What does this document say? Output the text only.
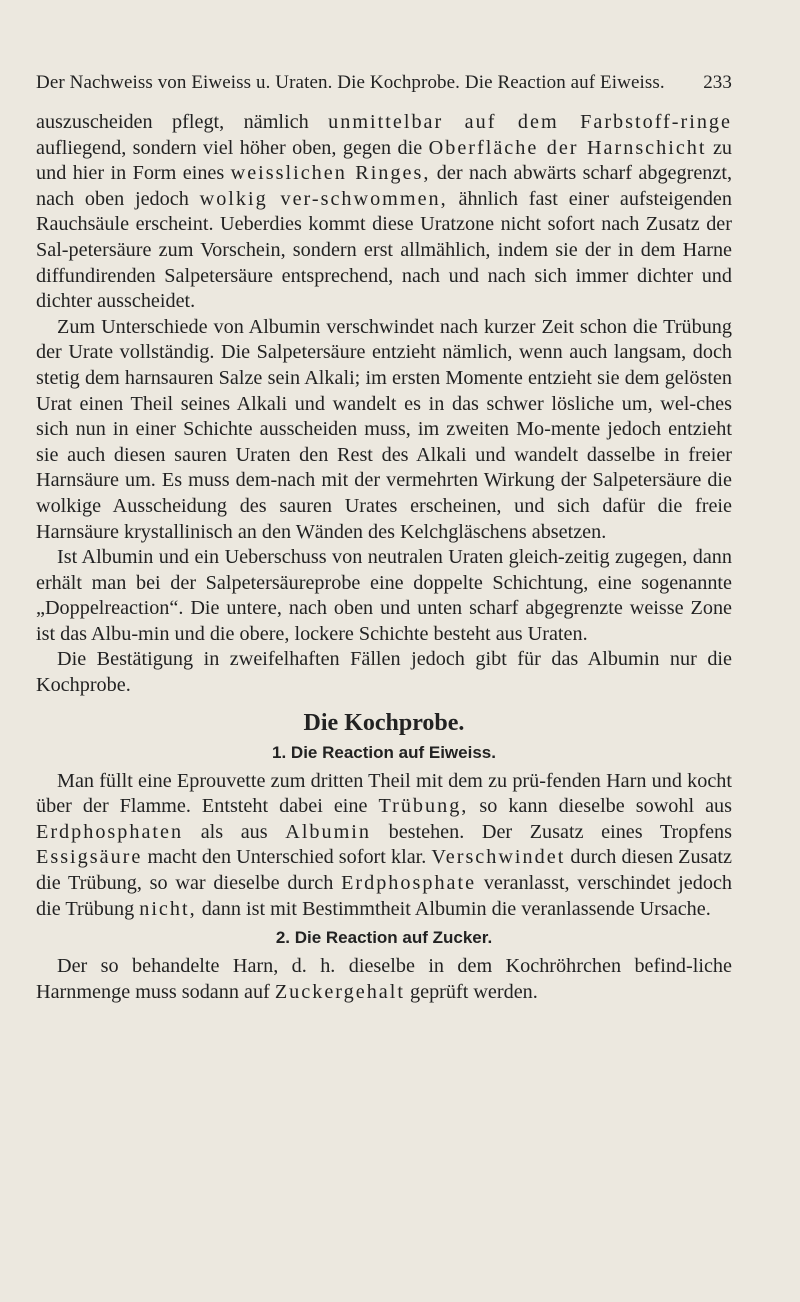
Der Nachweiss von Eiweiss u. Uraten. Die Kochprobe. Die Reaction auf Eiweiss.	233

auszuscheiden pflegt, nämlich unmittelbar auf dem Farbstoff-ringe aufliegend, sondern viel höher oben, gegen die Oberfläche der Harnschicht zu und hier in Form eines weisslichen Ringes, der nach abwärts scharf abgegrenzt, nach oben jedoch wolkig ver-schwommen, ähnlich fast einer aufsteigenden Rauchsäule erscheint. Ueberdies kommt diese Uratzone nicht sofort nach Zusatz der Sal-petersäure zum Vorschein, sondern erst allmählich, indem sie der in dem Harne diffundirenden Salpetersäure entsprechend, nach und nach sich immer dichter und dichter ausscheidet.

Zum Unterschiede von Albumin verschwindet nach kurzer Zeit schon die Trübung der Urate vollständig. Die Salpetersäure entzieht nämlich, wenn auch langsam, doch stetig dem harnsauren Salze sein Alkali; im ersten Momente entzieht sie dem gelösten Urat einen Theil seines Alkali und wandelt es in das schwer lösliche um, wel-ches sich nun in einer Schichte ausscheiden muss, im zweiten Mo-mente jedoch entzieht sie auch diesen sauren Uraten den Rest des Alkali und wandelt dasselbe in freier Harnsäure um. Es muss dem-nach mit der vermehrten Wirkung der Salpetersäure die wolkige Ausscheidung des sauren Urates erscheinen, und sich dafür die freie Harnsäure krystallinisch an den Wänden des Kelchgläschens absetzen.

Ist Albumin und ein Ueberschuss von neutralen Uraten gleich-zeitig zugegen, dann erhält man bei der Salpetersäureprobe eine doppelte Schichtung, eine sogenannte „Doppelreaction“. Die untere, nach oben und unten scharf abgegrenzte weisse Zone ist das Albu-min und die obere, lockere Schichte besteht aus Uraten.

Die Bestätigung in zweifelhaften Fällen jedoch gibt für das Albumin nur die Kochprobe.

Die Kochprobe.
1. Die Reaction auf Eiweiss.

Man füllt eine Eprouvette zum dritten Theil mit dem zu prü-fenden Harn und kocht über der Flamme. Entsteht dabei eine Trübung, so kann dieselbe sowohl aus Erdphosphaten als aus Albumin bestehen. Der Zusatz eines Tropfens Essigsäure macht den Unterschied sofort klar. Verschwindet durch diesen Zusatz die Trübung, so war dieselbe durch Erdphosphate veranlasst, verschindet jedoch die Trübung nicht, dann ist mit Bestimmtheit Albumin die veranlassende Ursache.

2. Die Reaction auf Zucker.

Der so behandelte Harn, d. h. dieselbe in dem Kochröhrchen befind-liche Harnmenge muss sodann auf Zuckergehalt geprüft werden.
